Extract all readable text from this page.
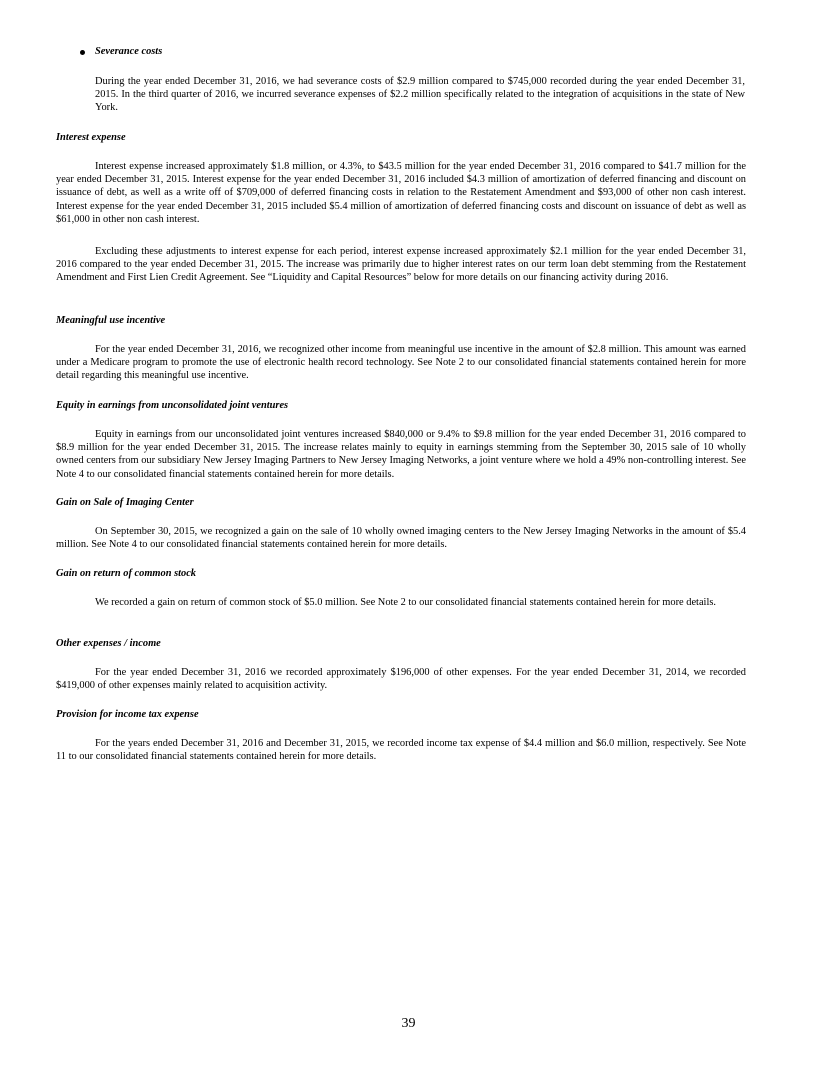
Severance costs

During the year ended December 31, 2016, we had severance costs of $2.9 million compared to $745,000 recorded during the year ended December 31, 2015. In the third quarter of 2016, we incurred severance expenses of $2.2 million specifically related to the integration of acquisitions in the state of New York.

Interest expense

Interest expense increased approximately $1.8 million, or 4.3%, to $43.5 million for the year ended December 31, 2016 compared to $41.7 million for the year ended December 31, 2015. Interest expense for the year ended December 31, 2016 included $4.3 million of amortization of deferred financing and discount on issuance of debt, as well as a write off of $709,000 of deferred financing costs in relation to the Restatement Amendment and $93,000 of other non cash interest. Interest expense for the year ended December 31, 2015 included $5.4 million of amortization of deferred financing costs and discount on issuance of debt as well as $61,000 in other non cash interest.

Excluding these adjustments to interest expense for each period, interest expense increased approximately $2.1 million for the year ended December 31, 2016 compared to the year ended December 31, 2015. The increase was primarily due to higher interest rates on our term loan debt stemming from the Restatement Amendment and First Lien Credit Agreement. See “Liquidity and Capital Resources” below for more details on our financing activity during 2016.

Meaningful use incentive

For the year ended December 31, 2016, we recognized other income from meaningful use incentive in the amount of $2.8 million. This amount was earned under a Medicare program to promote the use of electronic health record technology. See Note 2 to our consolidated financial statements contained herein for more detail regarding this meaningful use incentive.

Equity in earnings from unconsolidated joint ventures

Equity in earnings from our unconsolidated joint ventures increased $840,000 or 9.4% to $9.8 million for the year ended December 31, 2016 compared to $8.9 million for the year ended December 31, 2015. The increase relates mainly to equity in earnings stemming from the September 30, 2015 sale of 10 wholly owned centers from our subsidiary New Jersey Imaging Partners to New Jersey Imaging Networks, a joint venture where we hold a 49% non-controlling interest. See Note 4 to our consolidated financial statements contained herein for more details.

Gain on Sale of Imaging Center

On September 30, 2015, we recognized a gain on the sale of 10 wholly owned imaging centers to the New Jersey Imaging Networks in the amount of $5.4 million. See Note 4 to our consolidated financial statements contained herein for more details.

Gain on return of common stock

We recorded a gain on return of common stock of $5.0 million. See Note 2 to our consolidated financial statements contained herein for more details.

Other expenses / income

For the year ended December 31, 2016 we recorded approximately $196,000 of other expenses. For the year ended December 31, 2014, we recorded $419,000 of other expenses mainly related to acquisition activity.

Provision for income tax expense

For the years ended December 31, 2016 and December 31, 2015, we recorded income tax expense of $4.4 million and $6.0 million, respectively. See Note 11 to our consolidated financial statements contained herein for more details.

39
